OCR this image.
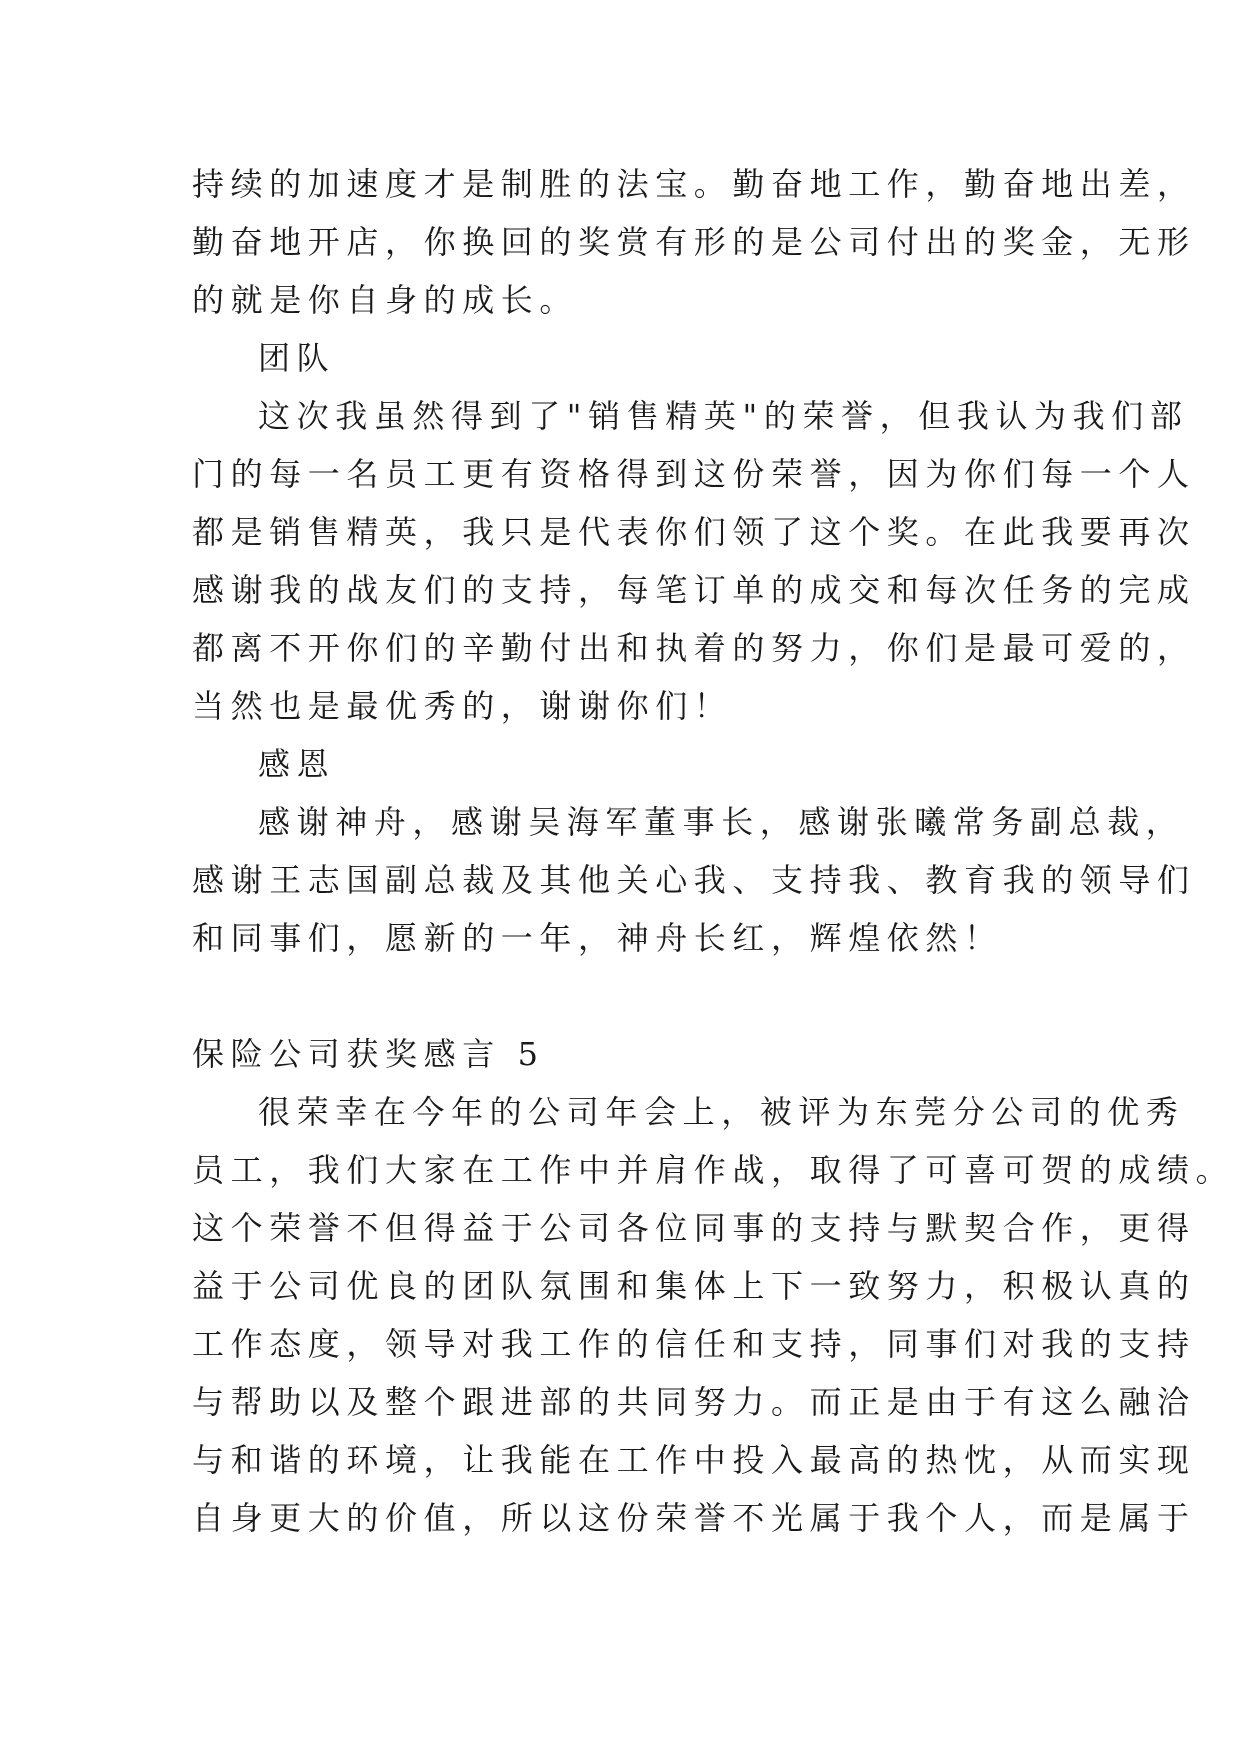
持续的加速度才是制胜的法宝。勤奋地工作，勤奋地出差，
勤奋地开店，你换回的奖赏有形的是公司付出的奖金，无形
的就是你自身的成长。
团队
这次我虽然得到了"销售精英"的荣誉，但我认为我们部
门的每一名员工更有资格得到这份荣誉，因为你们每一个人
都是销售精英，我只是代表你们领了这个奖。在此我要再次
感谢我的战友们的支持，每笔订单的成交和每次任务的完成
都离不开你们的辛勤付出和执着的努力，你们是最可爱的，
当然也是最优秀的，谢谢你们！
感恩
感谢神舟，感谢吴海军董事长，感谢张曦常务副总裁，
感谢王志国副总裁及其他关心我、支持我、教育我的领导们
和同事们，愿新的一年，神舟长红，辉煌依然！
保险公司获奖感言 5
很荣幸在今年的公司年会上，被评为东莞分公司的优秀
员工，我们大家在工作中并肩作战，取得了可喜可贺的成绩。
这个荣誉不但得益于公司各位同事的支持与默契合作，更得
益于公司优良的团队氛围和集体上下一致努力，积极认真的
工作态度，领导对我工作的信任和支持，同事们对我的支持
与帮助以及整个跟进部的共同努力。而正是由于有这么融洽
与和谐的环境，让我能在工作中投入最高的热忱，从而实现
自身更大的价值，所以这份荣誉不光属于我个人，而是属于
